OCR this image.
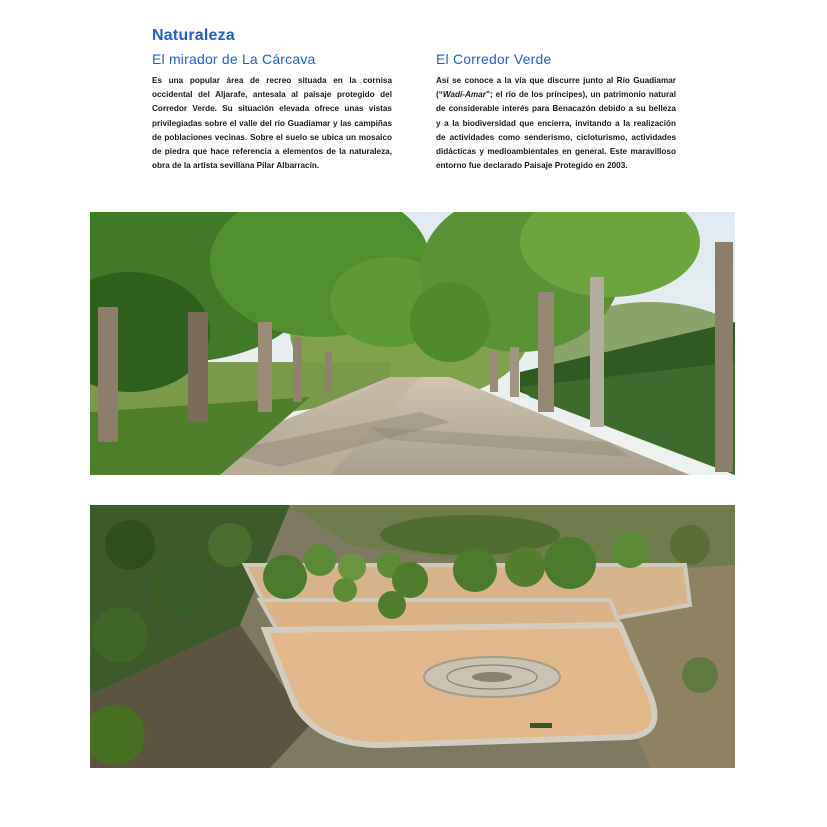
Naturaleza
El mirador de La Cárcava

Es una popular área de recreo situada en la cornisa occidental del Aljarafe, antesala al paisaje protegido del Corredor Verde. Su situación elevada ofrece unas vistas privilegiadas sobre el valle del río Guadiamar y las campiñas de poblaciones vecinas. Sobre el suelo se ubica un mosaico de piedra que hace referencia a elementos de la naturaleza, obra de la artista sevillana Pilar Albarracín.

El Corredor Verde

Así se conoce a la vía que discurre junto al Río Guadiamar (“Wadi-Amar”; el río de los príncipes), un patrimonio natural de considerable interés para Benacazón debido a su belleza y a la biodiversidad que encierra, invitando a la realización de actividades como senderismo, cicloturismo, actividades didácticas y medioambientales en general. Este maravilloso entorno fue declarado Paisaje Protegido en 2003.
